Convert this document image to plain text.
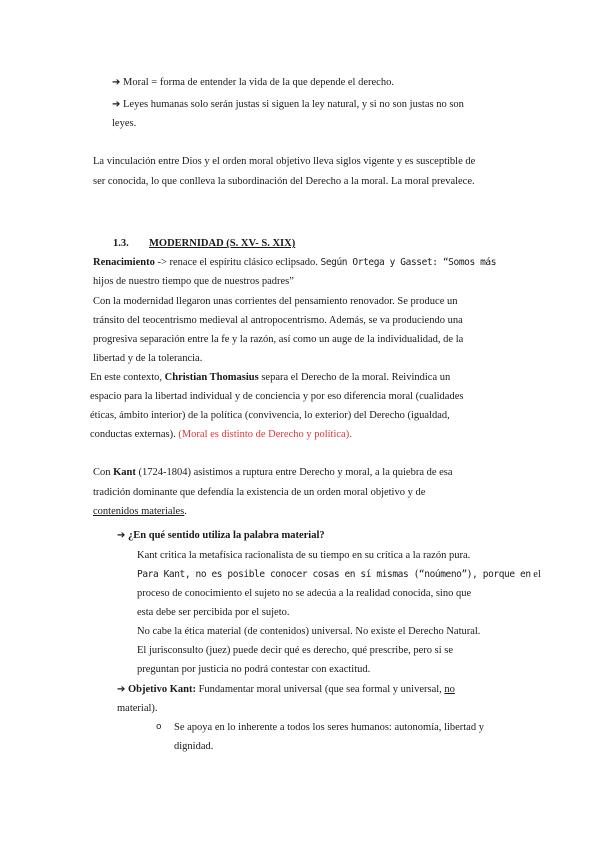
➔ Moral = forma de entender la vida de la que depende el derecho.
➔ Leyes humanas solo serán justas si siguen la ley natural, y si no son justas no son
leyes.
La vinculación entre Dios y el orden moral objetivo lleva siglos vigente y es susceptible de
ser conocida, lo que conlleva la subordinación del Derecho a la moral. La moral prevalece.
1.3. MODERNIDAD (S. XV- S. XIX)
Renacimiento -> renace el espíritu clásico eclipsado. Según Ortega y Gasset: “Somos más
hijos de nuestro tiempo que de nuestros padres”
Con la modernidad llegaron unas corrientes del pensamiento renovador. Se produce un
tránsito del teocentrismo medieval al antropocentrismo. Además, se va produciendo una
progresiva separación entre la fe y la razón, así como un auge de la individualidad, de la
libertad y de la tolerancia.
En este contexto, Christian Thomasius separa el Derecho de la moral. Reivindica un
espacio para la libertad individual y de conciencia y por eso diferencia moral (cualidades
éticas, ámbito interior) de la política (convivencia, lo exterior) del Derecho (igualdad,
conductas externas). (Moral es distinto de Derecho y política).
Con Kant (1724-1804) asistimos a ruptura entre Derecho y moral, a la quiebra de esa
tradición dominante que defendía la existencia de un orden moral objetivo y de
contenidos materiales.
➔ ¿En qué sentido utiliza la palabra material?
Kant critica la metafísica racionalista de su tiempo en su crítica a la razón pura.
Para Kant, no es posible conocer cosas en sí mismas (“noúmeno”), porque en el
proceso de conocimiento el sujeto no se adecúa a la realidad conocida, sino que
esta debe ser percibida por el sujeto.
No cabe la ética material (de contenidos) universal. No existe el Derecho Natural.
El jurisconsulto (juez) puede decir qué es derecho, qué prescribe, pero si se
preguntan por justicia no podrá contestar con exactitud.
➔ Objetivo Kant: Fundamentar moral universal (que sea formal y universal, no
material).
o Se apoya en lo inherente a todos los seres humanos: autonomía, libertad y
dignidad.
